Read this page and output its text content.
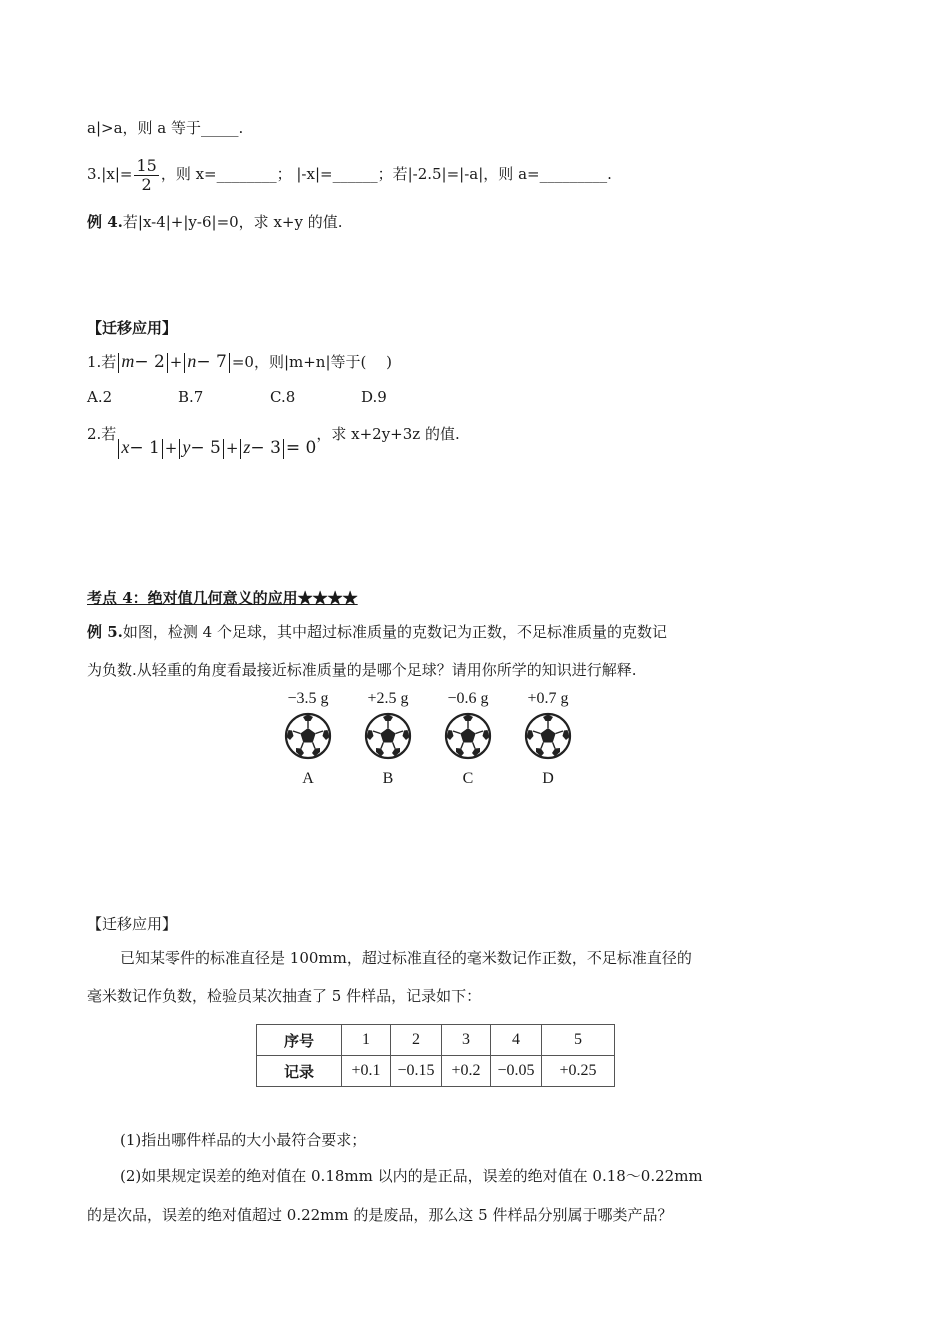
a|>a，则 a 等于_____.
$3.|x|= \frac{15}{2}$ ，则 x=________； |-x|=______；若|-2.5|=|-a|，则 a=_________.
例 4.若|x-4|+|y-6|=0，求 x+y 的值.
【迁移应用】
1.若 m− 2 + n− 7 =0，则|m+n|等于(　 )
A.2	B.7	C.8	D.9
2.若x− 1 + y− 5 + z− 3 = 0，求 x+2y+3z 的值.
考点 4：绝对值几何意义的应用★★★★
例 5.如图，检测 4 个足球，其中超过标准质量的克数记为正数，不足标准质量的克数记
为负数.从轻重的角度看最接近标准质量的是哪个足球？请用你所学的知识进行解释.
−3.5 g
A
+2.5 g
B
−0.6 g
C
+0.7 g
D
【迁移应用】
已知某零件的标准直径是 100mm，超过标准直径的毫米数记作正数，不足标准直径的
毫米数记作负数，检验员某次抽查了 5 件样品，记录如下：
序号	1	2	3	4	5
记录	+0.1	−0.15	+0.2	−0.05	+0.25
(1)指出哪件样品的大小最符合要求；
(2)如果规定误差的绝对值在 0.18mm 以内的是正品，误差的绝对值在 0.18～0.22mm
的是次品，误差的绝对值超过 0.22mm 的是废品，那么这 5 件样品分别属于哪类产品？
